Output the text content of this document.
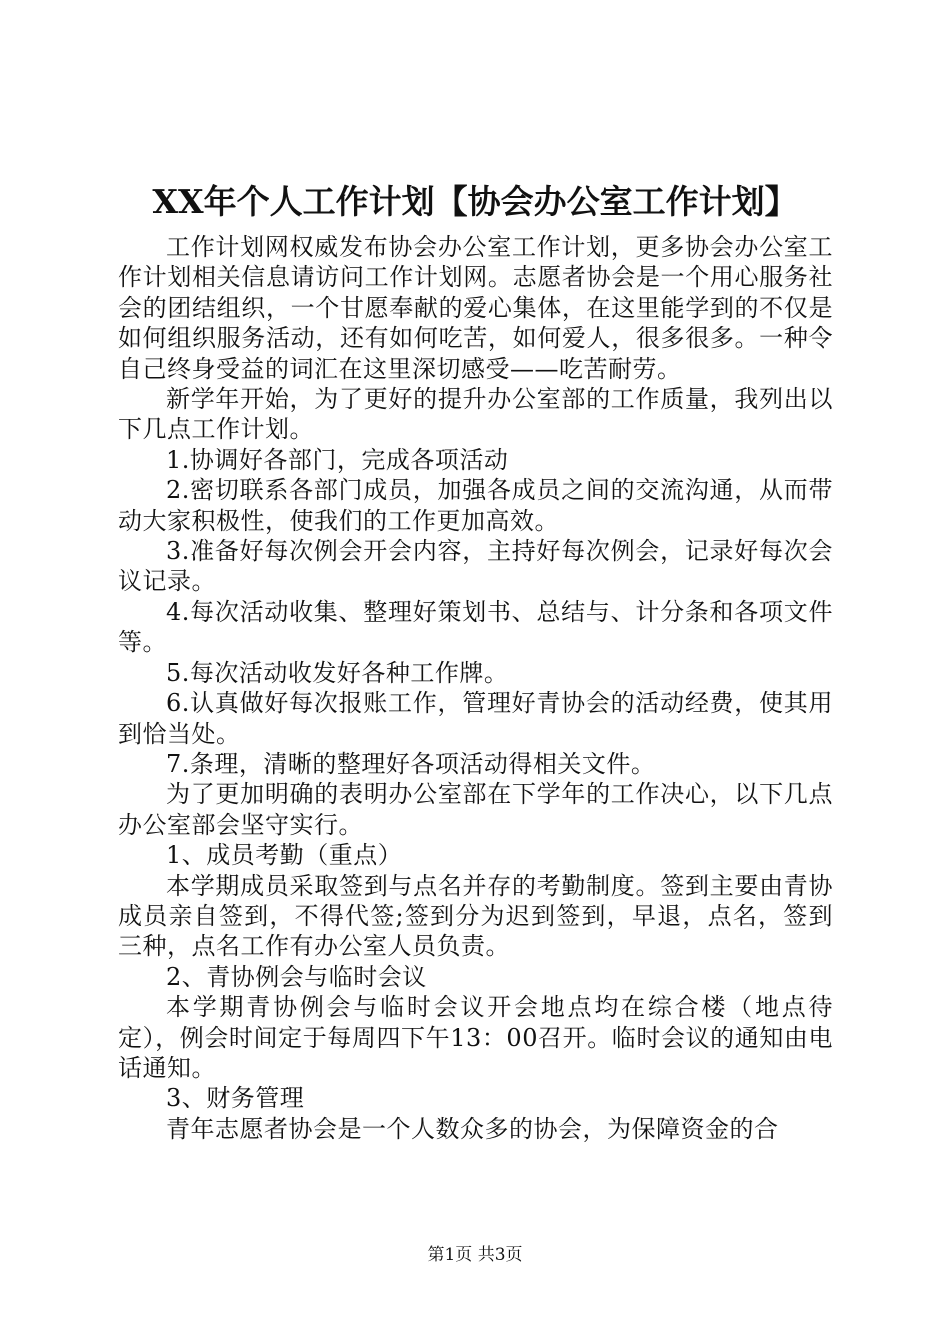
XX年个人工作计划【协会办公室工作计划】

工作计划网权威发布协会办公室工作计划，更多协会办公室工作计划相关信息请访问工作计划网。志愿者协会是一个用心服务社会的团结组织，一个甘愿奉献的爱心集体，在这里能学到的不仅是如何组织服务活动，还有如何吃苦，如何爱人，很多很多。一种令自己终身受益的词汇在这里深切感受——吃苦耐劳。

新学年开始，为了更好的提升办公室部的工作质量，我列出以下几点工作计划。

1.协调好各部门，完成各项活动

2.密切联系各部门成员，加强各成员之间的交流沟通，从而带动大家积极性，使我们的工作更加高效。

3.准备好每次例会开会内容，主持好每次例会，记录好每次会议记录。

4.每次活动收集、整理好策划书、总结与、计分条和各项文件等。

5.每次活动收发好各种工作牌。

6.认真做好每次报账工作，管理好青协会的活动经费，使其用到恰当处。

7.条理，清晰的整理好各项活动得相关文件。

为了更加明确的表明办公室部在下学年的工作决心，以下几点办公室部会坚守实行。

1、成员考勤（重点）

本学期成员采取签到与点名并存的考勤制度。签到主要由青协成员亲自签到，不得代签;签到分为迟到签到，早退，点名，签到三种，点名工作有办公室人员负责。

2、青协例会与临时会议

本学期青协例会与临时会议开会地点均在综合楼（地点待定），例会时间定于每周四下午13：00召开。临时会议的通知由电话通知。

3、财务管理

青年志愿者协会是一个人数众多的协会，为保障资金的合

第1页 共3页
